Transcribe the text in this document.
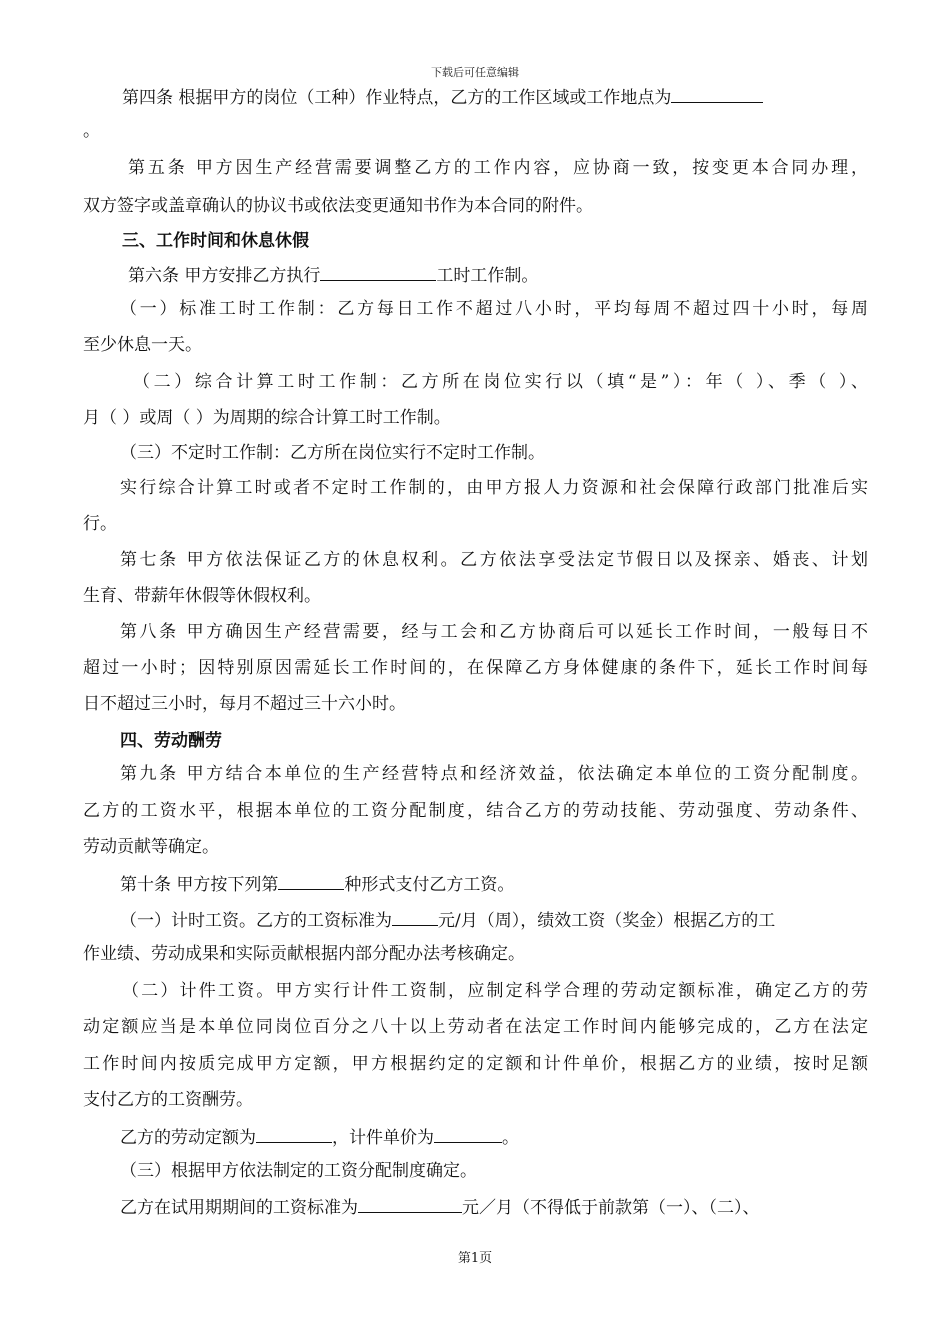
下载后可任意编辑
第四条 根据甲方的岗位（工种）作业特点，乙方的工作区域或工作地点为
。
第五条 甲方因生产经营需要调整乙方的工作内容，应协商一致，按变更本合同办理，
双方签字或盖章确认的协议书或依法变更通知书作为本合同的附件。
三、工作时间和休息休假
第六条 甲方安排乙方执行	工时工作制。
（一）标准工时工作制：乙方每日工作不超过八小时，平均每周不超过四十小时，每周
至少休息一天。
（二）综合计算工时工作制：乙方所在岗位实行以（填“是”）：年（ ）、季（ ）、
月（ ）或周（ ）为周期的综合计算工时工作制。
（三）不定时工作制：乙方所在岗位实行不定时工作制。
实行综合计算工时或者不定时工作制的，由甲方报人力资源和社会保障行政部门批准后实
行。
第七条 甲方依法保证乙方的休息权利。乙方依法享受法定节假日以及探亲、婚丧、计划
生育、带薪年休假等休假权利。
第八条 甲方确因生产经营需要，经与工会和乙方协商后可以延长工作时间，一般每日不
超过一小时；因特别原因需延长工作时间的，在保障乙方身体健康的条件下，延长工作时间每
日不超过三小时，每月不超过三十六小时。
四、劳动酬劳
第九条 甲方结合本单位的生产经营特点和经济效益，依法确定本单位的工资分配制度。
乙方的工资水平，根据本单位的工资分配制度，结合乙方的劳动技能、劳动强度、劳动条件、
劳动贡献等确定。
第十条 甲方按下列第	种形式支付乙方工资。
（一）计时工资。乙方的工资标准为	元/月（周），绩效工资（奖金）根据乙方的工
作业绩、劳动成果和实际贡献根据内部分配办法考核确定。
（二）计件工资。甲方实行计件工资制，应制定科学合理的劳动定额标准，确定乙方的劳
动定额应当是本单位同岗位百分之八十以上劳动者在法定工作时间内能够完成的，乙方在法定
工作时间内按质完成甲方定额，甲方根据约定的定额和计件单价，根据乙方的业绩，按时足额
支付乙方的工资酬劳。
乙方的劳动定额为	，计件单价为	。
（三）根据甲方依法制定的工资分配制度确定。
乙方在试用期期间的工资标准为	元／月（不得低于前款第（一）、（二）、
第1页
